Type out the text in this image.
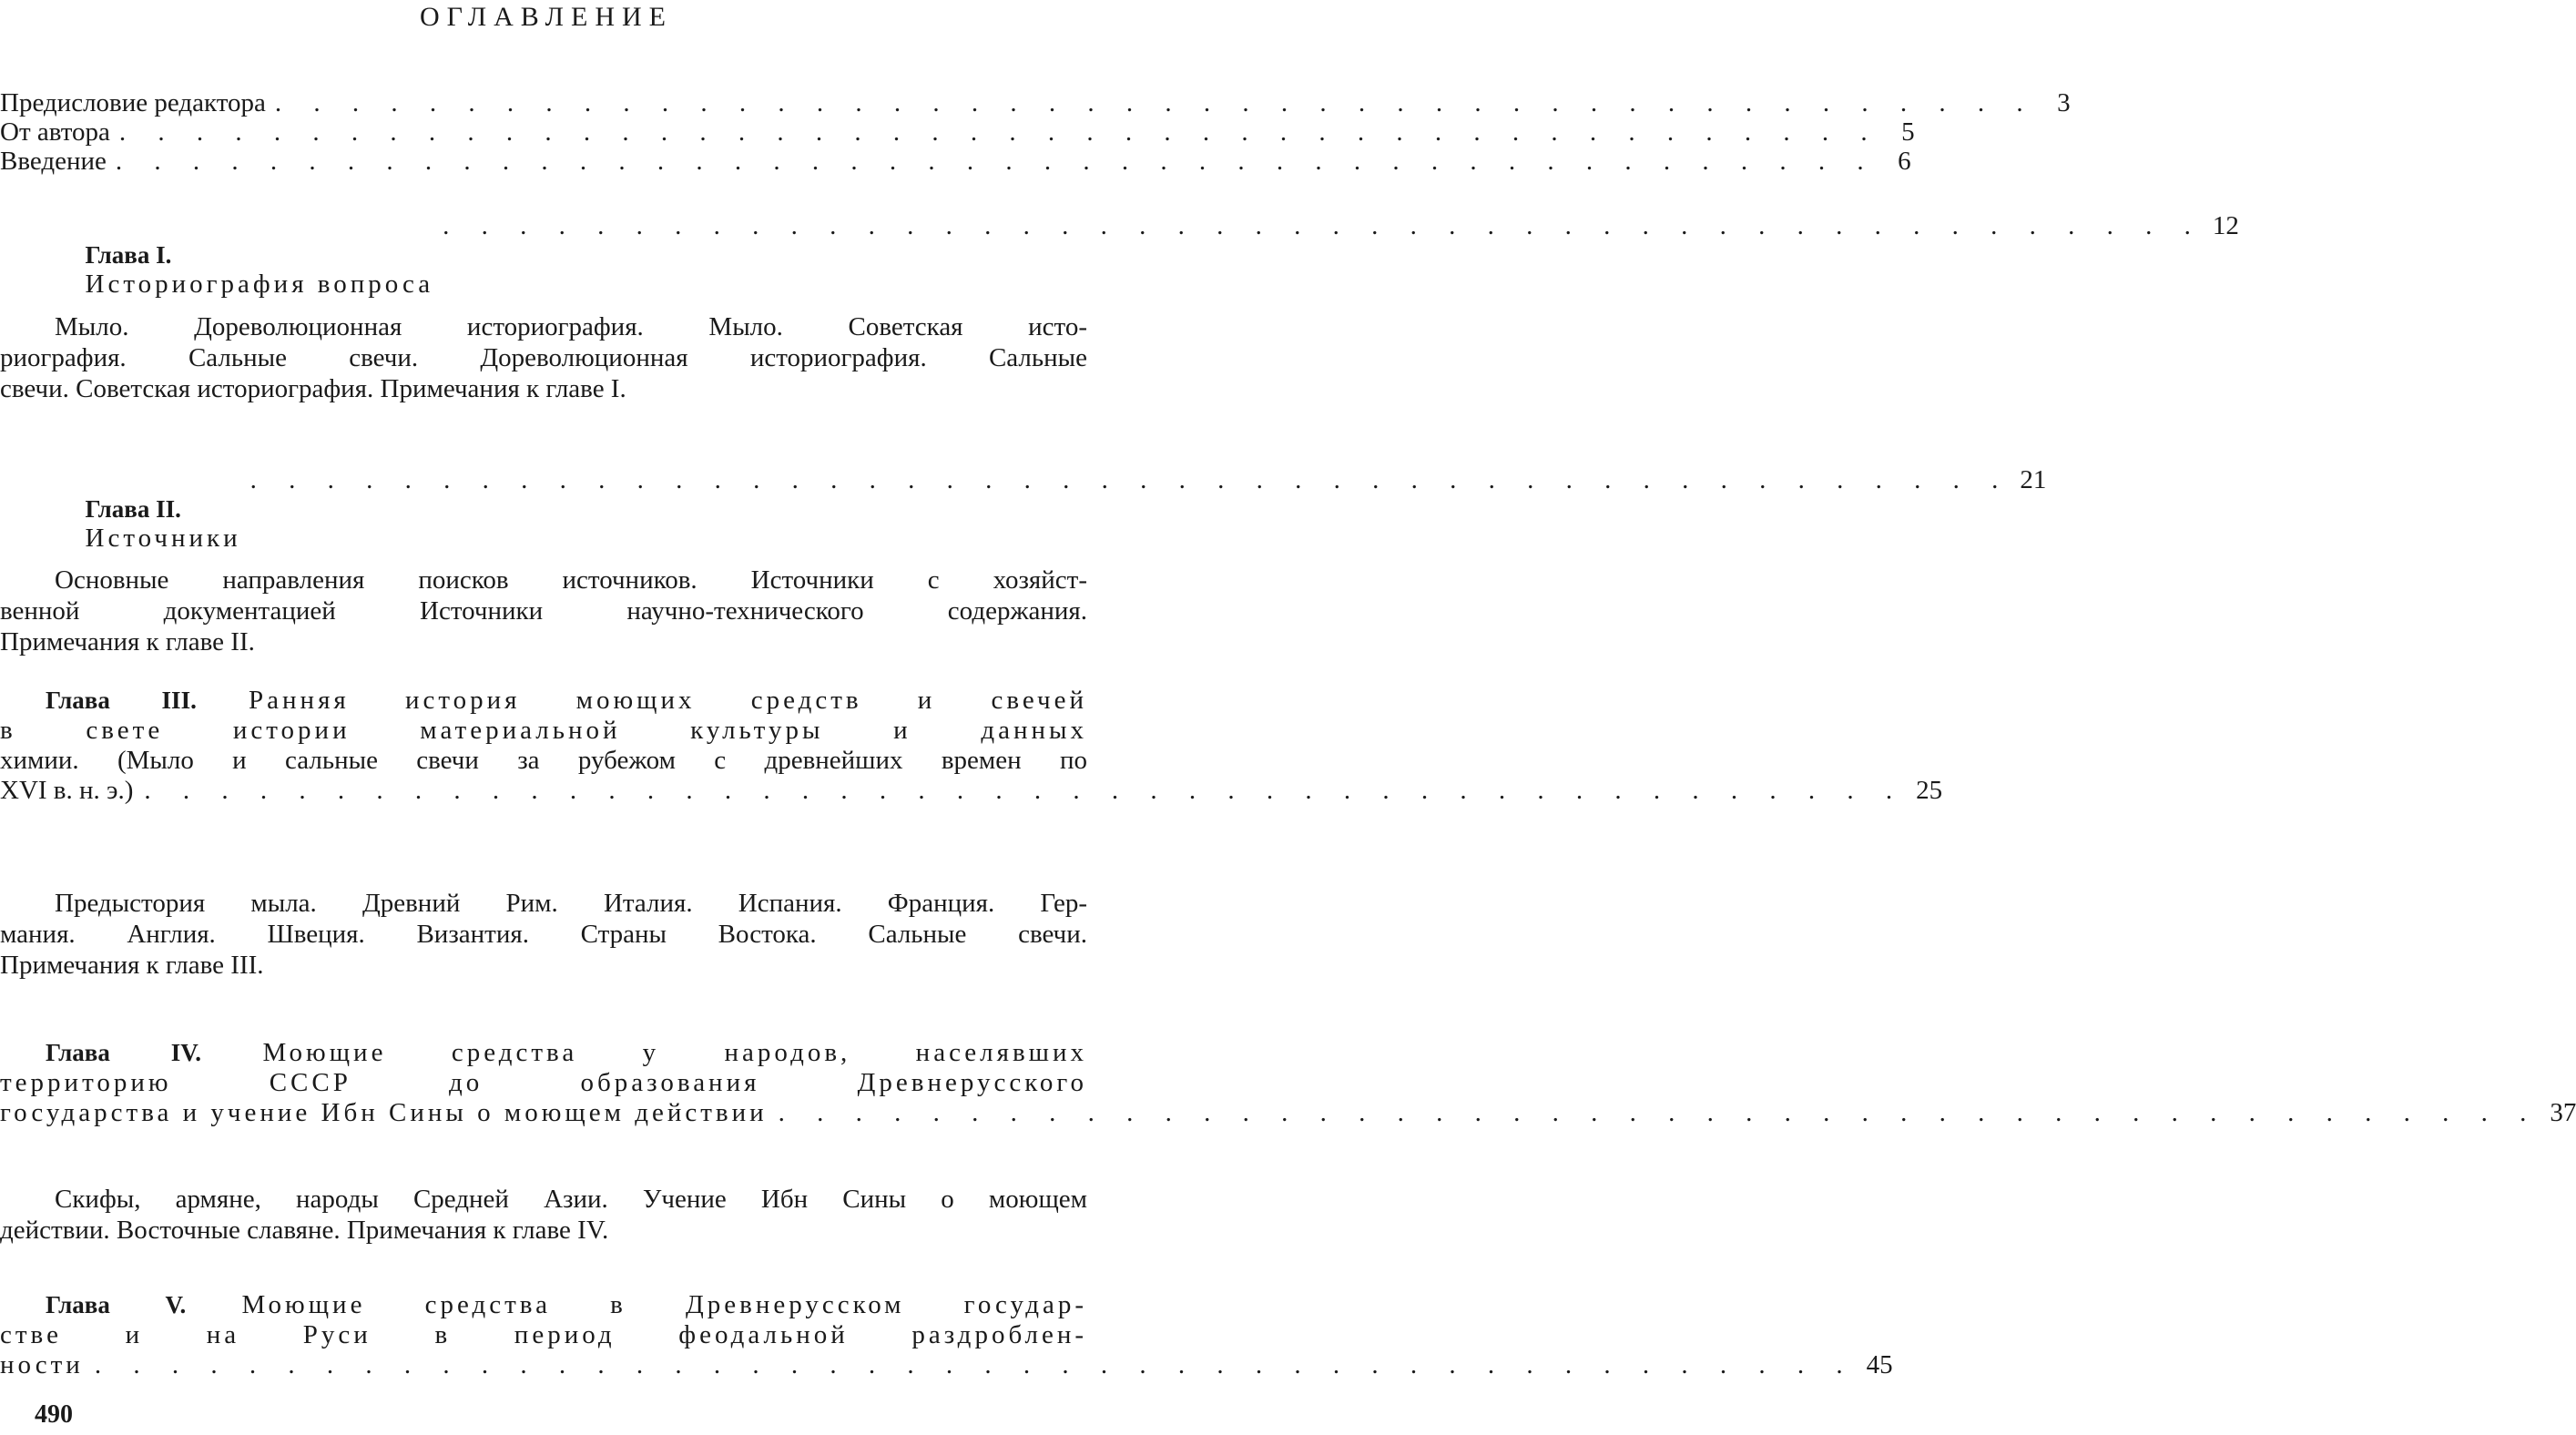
ОГЛАВЛЕНИЕ
Предисловие редактора . . . . . . . . . . . . . . . . . . . . . . . . . . . . . . . . . . . . . . . . . . . . . . 3
От автора . . . . . . . . . . . . . . . . . . . . . . . . . . . . . . . . . . . . . . . . . . . . . . 5
Введение . . . . . . . . . . . . . . . . . . . . . . . . . . . . . . . . . . . . . . . . . . . . . . 6

Глава I.
Историография вопроса

. . . . . . . . . . . . . . . . . . . . . . . . . . . . . . . . . . . . . . . . . . . . . . 12
Мыло. Дореволюционная историография. Мыло. Советская исто-
риография. Сальные свечи. Дореволюционная историография. Сальные
свечи. Советская историография. Примечания к главе I.

Глава II.
Источники

. . . . . . . . . . . . . . . . . . . . . . . . . . . . . . . . . . . . . . . . . . . . . . 21
Основные направления поисков источников. Источники с хозяйст-
венной документацией Источники научно-технического содержания.
Примечания к главе II.
Глава III. Ранняя история моющих средств и свечей
в свете истории материальной культуры и данных
химии. (Мыло и сальные свечи за рубежом с древнейших времен по
XVI в. н. э.) . . . . . . . . . . . . . . . . . . . . . . . . . . . . . . . . . . . . . . . . . . . . . . 25
Предыстория мыла. Древний Рим. Италия. Испания. Франция. Гер-
мания. Англия. Швеция. Византия. Страны Востока. Сальные свечи.
Примечания к главе III.
Глава IV. Моющие средства у народов, населявших
территорию СССР до образования Древнерусского
государства и учение Ибн Сины о моющем действии . . . . . . . . . . . . . . . . . . . . . . . . . . . . . . . . . . . . . . . . . . . . . . 37
Скифы, армяне, народы Средней Азии. Учение Ибн Сины о моющем
действии. Восточные славяне. Примечания к главе IV.
Глава V. Моющие средства в Древнерусском государ-
стве и на Руси в период феодальной раздроблен-
ности . . . . . . . . . . . . . . . . . . . . . . . . . . . . . . . . . . . . . . . . . . . . . . 45
490
